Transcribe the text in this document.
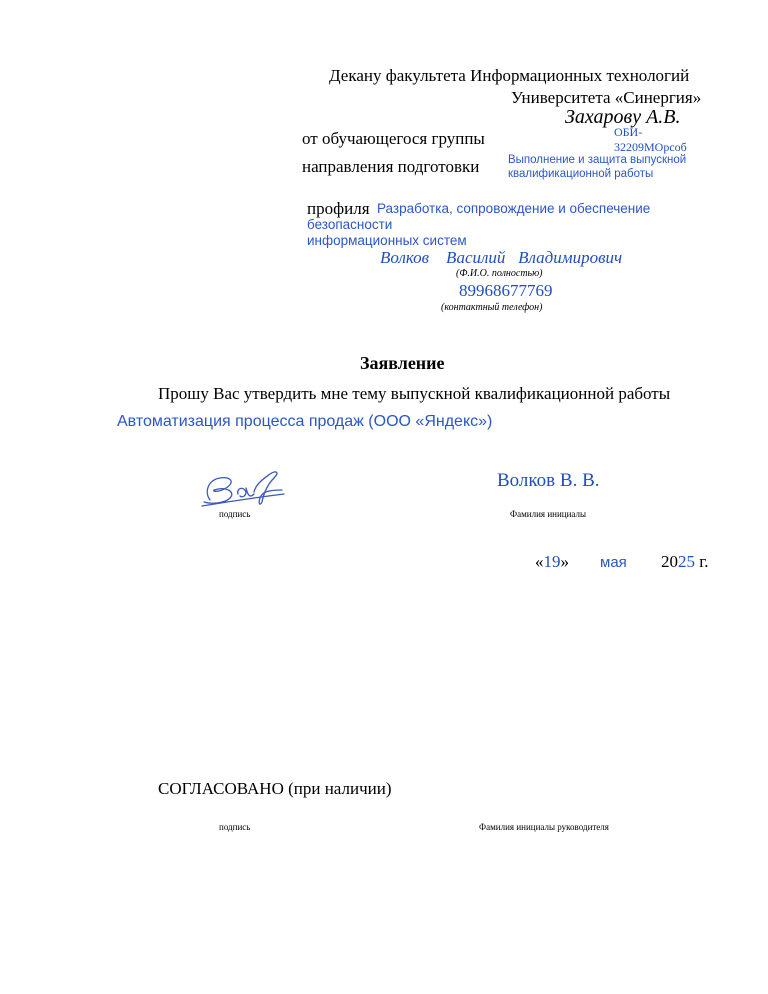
Декану факультета Информационных технологий
Университета «Синергия»
Захарову А.В.
от обучающегося группы	ОБИ-
32209МОрсоб
направления подготовки Выполнение и защита выпускной
квалификационной работы
профиля Разработка, сопровождение и обеспечение
безопасности
информационных систем
Волков    Василий   Владимирович
(Ф.И.О. полностью)
89968677769
(контактный телефон)
Заявление
Прошу Вас утвердить мне тему выпускной квалификационной работы
Автоматизация процесса продаж (ООО «Яндекс»)
подпись
Волков В. В.
Фамилия инициалы
«19» мая 2025 г.
СОГЛАСОВАНО (при наличии)
подпись	Фамилия инициалы руководителя
